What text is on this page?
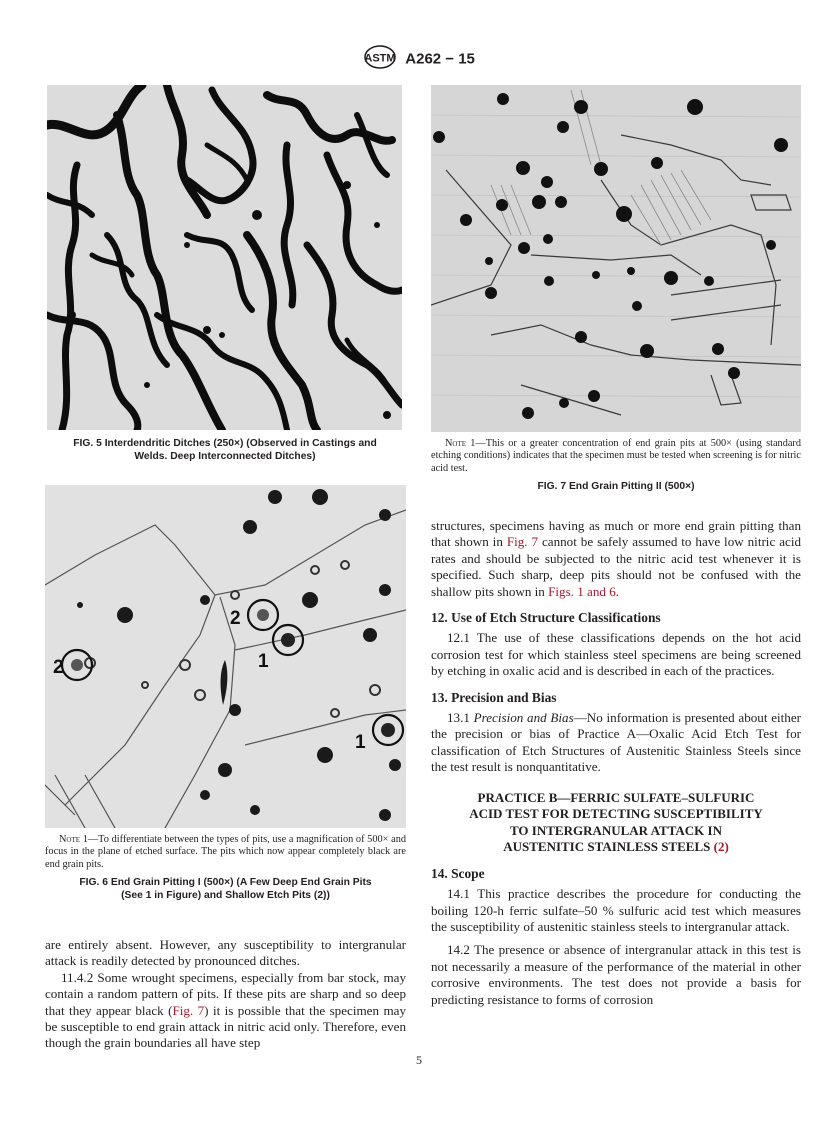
ASTM A262 − 15
FIG. 5 Interdendritic Ditches (250×) (Observed in Castings and
Welds. Deep Interconnected Ditches)
Note 1—This or a greater concentration of end grain pits at 500× (using standard etching conditions) indicates that the specimen must be tested when screening is for nitric acid test.
FIG. 7 End Grain Pitting II (500×)
2
2
1
1
Note 1—To differentiate between the types of pits, use a magnification of 500× and focus in the plane of etched surface. The pits which now appear completely black are end grain pits.
FIG. 6 End Grain Pitting I (500×) (A Few Deep End Grain Pits
(See 1 in Figure) and Shallow Etch Pits (2))

are entirely absent. However, any susceptibility to intergranular attack is readily detected by pronounced ditches.

11.4.2 Some wrought specimens, especially from bar stock, may contain a random pattern of pits. If these pits are sharp and so deep that they appear black (Fig. 7) it is possible that the specimen may be susceptible to end grain attack in nitric acid only. Therefore, even though the grain boundaries all have step

structures, specimens having as much or more end grain pitting than that shown in Fig. 7 cannot be safely assumed to have low nitric acid rates and should be subjected to the nitric acid test whenever it is specified. Such sharp, deep pits should not be confused with the shallow pits shown in Figs. 1 and 6.

12. Use of Etch Structure Classifications

12.1 The use of these classifications depends on the hot acid corrosion test for which stainless steel specimens are being screened by etching in oxalic acid and is described in each of the practices.

13. Precision and Bias

13.1 Precision and Bias—No information is presented about either the precision or bias of Practice A—Oxalic Acid Etch Test for classification of Etch Structures of Austenitic Stainless Steels since the test result is nonquantitative.

PRACTICE B—FERRIC SULFATE–SULFURIC
ACID TEST FOR DETECTING SUSCEPTIBILITY
TO INTERGRANULAR ATTACK IN
AUSTENITIC STAINLESS STEELS (2)
14. Scope

14.1 This practice describes the procedure for conducting the boiling 120-h ferric sulfate–50 % sulfuric acid test which measures the susceptibility of austenitic stainless steels to intergranular attack.

14.2 The presence or absence of intergranular attack in this test is not necessarily a measure of the performance of the material in other corrosive environments. The test does not provide a basis for predicting resistance to forms of corrosion

5
